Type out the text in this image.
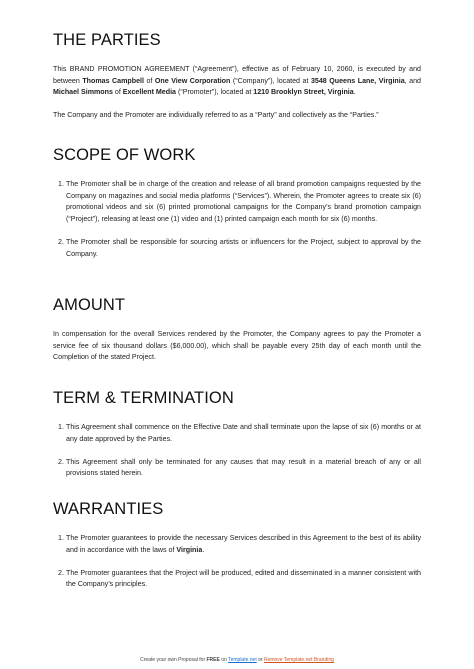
THE PARTIES

This BRAND PROMOTION AGREEMENT (“Agreement”), effective as of February 10, 2060, is executed by and between Thomas Campbell of One View Corporation (“Company”), located at 3548 Queens Lane, Virginia, and Michael Simmons of Excellent Media (“Promoter”), located at 1210 Brooklyn Street, Virginia.

The Company and the Promoter are individually referred to as a “Party” and collectively as the “Parties.”

SCOPE OF WORK
1. The Promoter shall be in charge of the creation and release of all brand promotion campaigns requested by the Company on magazines and social media platforms (“Services”). Wherein, the Promoter agrees to create six (6) promotional videos and six (6) printed promotional campaigns for the Company’s brand promotion campaign (“Project”), releasing at least one (1) video and (1) printed campaign each month for six (6) months.
2. The Promoter shall be responsible for sourcing artists or influencers for the Project, subject to approval by the Company.
AMOUNT

In compensation for the overall Services rendered by the Promoter, the Company agrees to pay the Promoter a service fee of six thousand dollars ($6,000.00), which shall be payable every 25th day of each month until the Completion of the stated Project.

TERM & TERMINATION
1. This Agreement shall commence on the Effective Date and shall terminate upon the lapse of six (6) months or at any date approved by the Parties.
2. This Agreement shall only be terminated for any causes that may result in a material breach of any or all provisions stated herein.
WARRANTIES
1. The Promoter guarantees to provide the necessary Services described in this Agreement to the best of its ability and in accordance with the laws of Virginia.
2. The Promoter guarantees that the Project will be produced, edited and disseminated in a manner consistent with the Company’s principles.
Create your own Proposal for FREE on Template.net or Remove Template.net Branding
